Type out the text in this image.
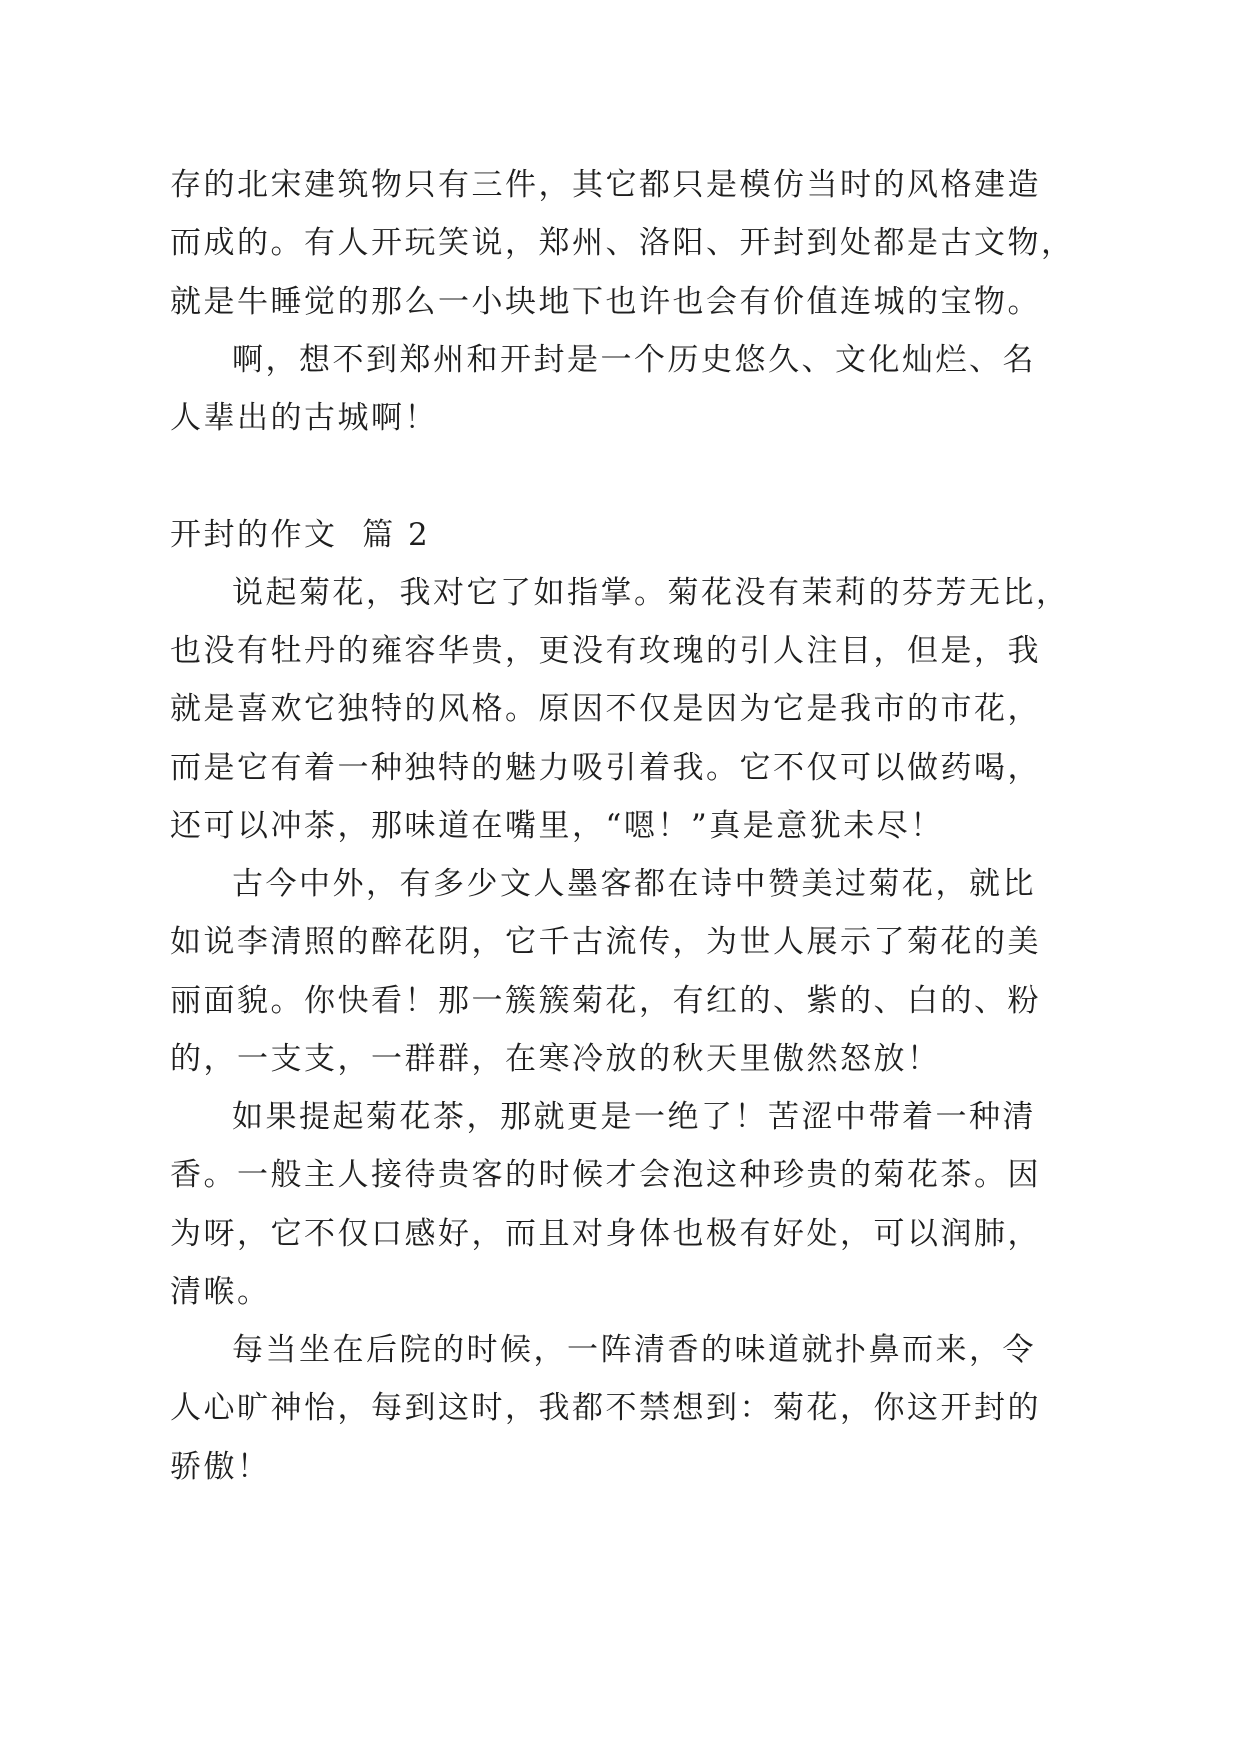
存的北宋建筑物只有三件，其它都只是模仿当时的风格建造
而成的。有人开玩笑说，郑州、洛阳、开封到处都是古文物，
就是牛睡觉的那么一小块地下也许也会有价值连城的宝物。
啊，想不到郑州和开封是一个历史悠久、文化灿烂、名
人辈出的古城啊！
开封的作文  篇 2
说起菊花，我对它了如指掌。菊花没有茉莉的芬芳无比，
也没有牡丹的雍容华贵，更没有玫瑰的引人注目，但是，我
就是喜欢它独特的风格。原因不仅是因为它是我市的市花，
而是它有着一种独特的魅力吸引着我。它不仅可以做药喝，
还可以冲茶，那味道在嘴里，“嗯！”真是意犹未尽！
古今中外，有多少文人墨客都在诗中赞美过菊花，就比
如说李清照的醉花阴，它千古流传，为世人展示了菊花的美
丽面貌。你快看！那一簇簇菊花，有红的、紫的、白的、粉
的，一支支，一群群，在寒冷放的秋天里傲然怒放！
如果提起菊花茶，那就更是一绝了！苦涩中带着一种清
香。一般主人接待贵客的时候才会泡这种珍贵的菊花茶。因
为呀，它不仅口感好，而且对身体也极有好处，可以润肺，
清喉。
每当坐在后院的时候，一阵清香的味道就扑鼻而来，令
人心旷神怡，每到这时，我都不禁想到：菊花，你这开封的
骄傲！
